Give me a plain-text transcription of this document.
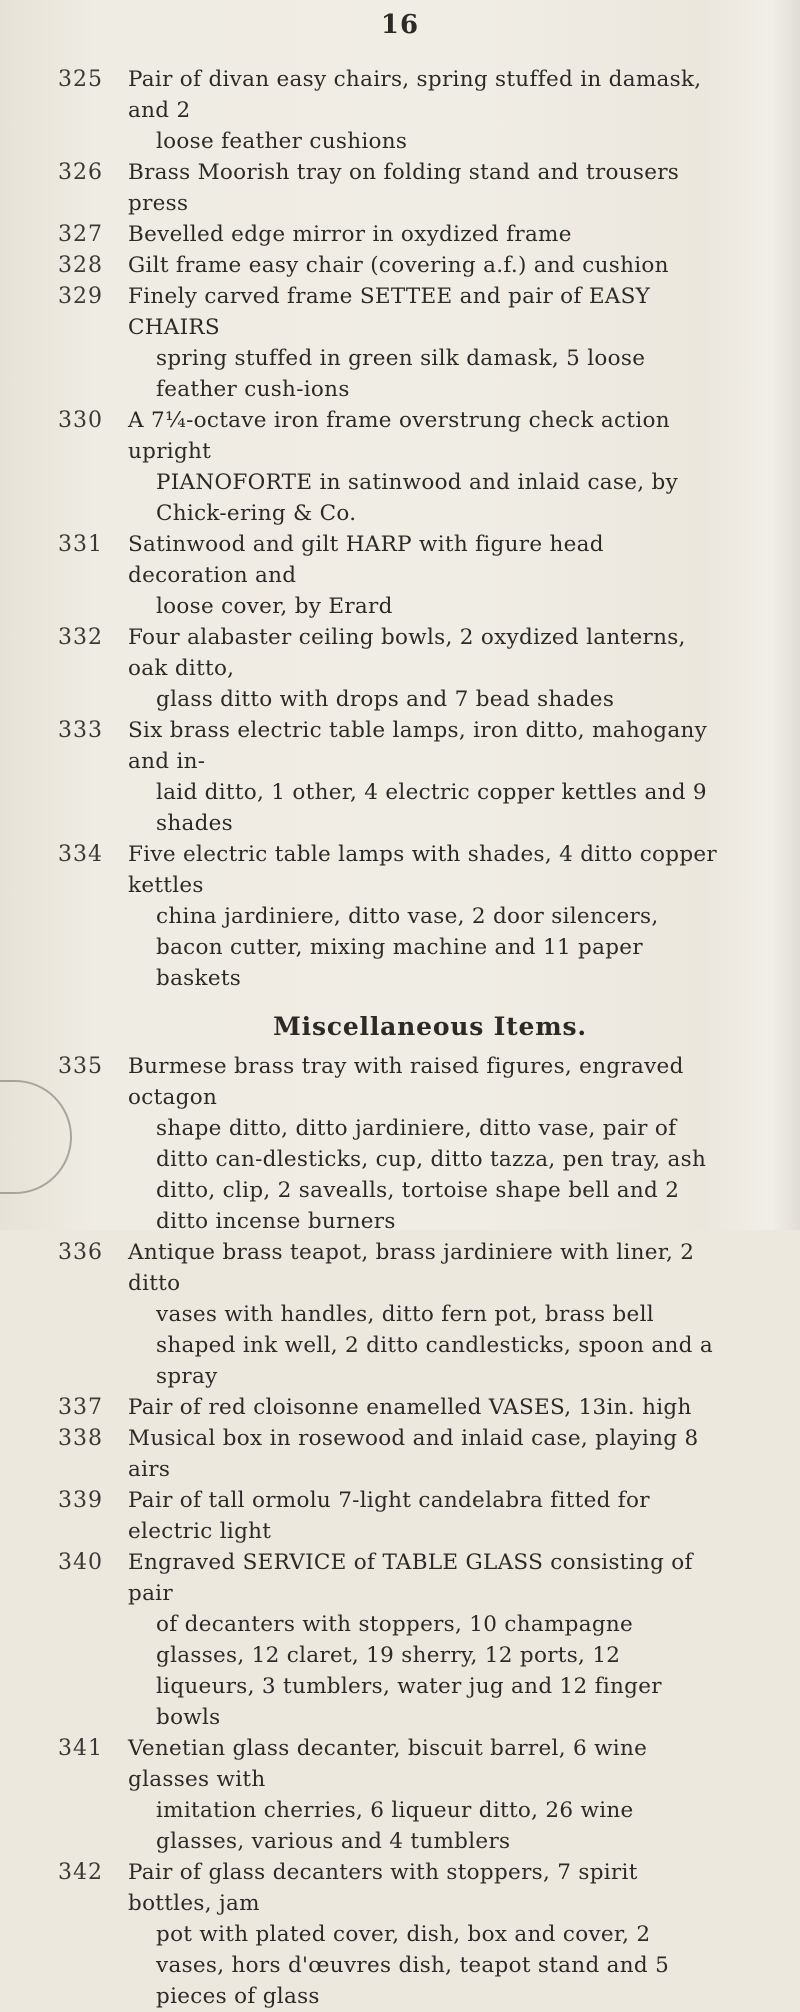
16
325	Pair of divan easy chairs, spring stuffed in damask, and 2
loose feather cushions
326	Brass Moorish tray on folding stand and trousers press
327	Bevelled edge mirror in oxydized frame
328	Gilt frame easy chair (covering a.f.) and cushion
329	Finely carved frame SETTEE and pair of EASY CHAIRS
spring stuffed in green silk damask, 5 loose feather cush-ions
330	A 7¼-octave iron frame overstrung check action upright
PIANOFORTE in satinwood and inlaid case, by Chick-ering & Co.
331	Satinwood and gilt HARP with figure head decoration and
loose cover, by Erard
332	Four alabaster ceiling bowls, 2 oxydized lanterns, oak ditto,
glass ditto with drops and 7 bead shades
333	Six brass electric table lamps, iron ditto, mahogany and in-
laid ditto, 1 other, 4 electric copper kettles and 9 shades
334	Five electric table lamps with shades, 4 ditto copper kettles
china jardiniere, ditto vase, 2 door silencers, bacon cutter, mixing machine and 11 paper baskets
Miscellaneous Items.
335	Burmese brass tray with raised figures, engraved octagon
shape ditto, ditto jardiniere, ditto vase, pair of ditto can-dlesticks, cup, ditto tazza, pen tray, ash ditto, clip, 2 savealls, tortoise shape bell and 2 ditto incense burners
336	Antique brass teapot, brass jardiniere with liner, 2 ditto
vases with handles, ditto fern pot, brass bell shaped ink well, 2 ditto candlesticks, spoon and a spray
337	Pair of red cloisonne enamelled VASES, 13in. high
338	Musical box in rosewood and inlaid case, playing 8 airs
339	Pair of tall ormolu 7-light candelabra fitted for electric light
340	Engraved SERVICE of TABLE GLASS consisting of pair
of decanters with stoppers, 10 champagne glasses, 12 claret, 19 sherry, 12 ports, 12 liqueurs, 3 tumblers, water jug and 12 finger bowls
341	Venetian glass decanter, biscuit barrel, 6 wine glasses with
imitation cherries, 6 liqueur ditto, 26 wine glasses, various and 4 tumblers
342	Pair of glass decanters with stoppers, 7 spirit bottles, jam
pot with plated cover, dish, box and cover, 2 vases, hors d'œuvres dish, teapot stand and 5 pieces of glass
